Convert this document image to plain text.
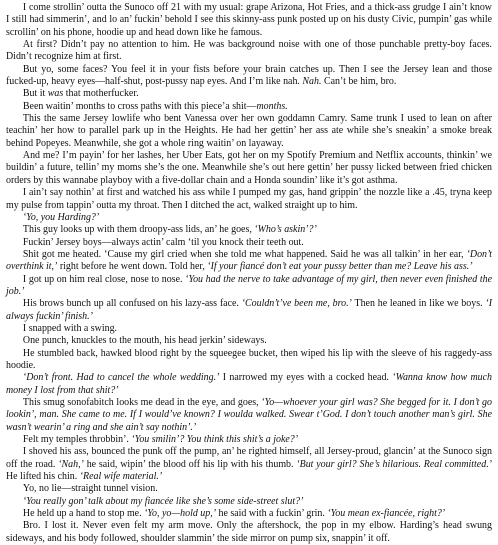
I come strollin’ outta the Sunoco off 21 with my usual: grape Arizona, Hot Fries, and a thick-ass grudge I ain’t know I still had simmerin’, and lo an’ fuckin’ behold I see this skinny-ass punk posted up on his dusty Civic, pumpin’ gas while scrollin’ on his phone, hoodie up and head down like he famous.

At first? Didn’t pay no attention to him. He was background noise with one of those punchable pretty-boy faces. Didn’t recognize him at first.

But yo, some faces? You feel it in your fists before your brain catches up. Then I see the Jersey lean and those fucked-up, heavy eyes—half-shut, post-pussy nap eyes. And I’m like nah. Nah. Can’t be him, bro.

But it was that motherfucker.

Been waitin’ months to cross paths with this piece’a shit—months.

This the same Jersey lowlife who bent Vanessa over her own goddamn Camry. Same trunk I used to lean on after teachin’ her how to parallel park up in the Heights. He had her gettin’ her ass ate while she’s sneakin’ a smoke break behind Popeyes. Meanwhile, she got a whole ring waitin’ on layaway.

And me? I’m payin’ for her lashes, her Uber Eats, got her on my Spotify Premium and Netflix accounts, thinkin’ we buildin’ a future, tellin’ my moms she’s the one. Meanwhile she’s out here gettin’ her pussy licked between fried chicken orders by this wannabe playboy with a five-dollar chain and a Honda soundin’ like it’s got asthma.

I ain’t say nothin’ at first and watched his ass while I pumped my gas, hand grippin’ the nozzle like a .45, tryna keep my pulse from tappin’ outta my throat. Then I ditched the act, walked straight up to him.

‘Yo, you Harding?’

This guy looks up with them droopy-ass lids, an’ he goes, ‘Who’s askin’?’

Fuckin’ Jersey boys—always actin’ calm ‘til you knock their teeth out.

Shit got me heated. ‘Cause my girl cried when she told me what happened. Said he was all talkin’ in her ear, ‘Don’t overthink it,’ right before he went down. Told her, ‘If your fiancé don’t eat your pussy better than me? Leave his ass.’

I got up on him real close, nose to nose. ‘You had the nerve to take advantage of my girl, then never even finished the job.’

His brows bunch up all confused on his lazy-ass face. ‘Couldn’t’ve been me, bro.’ Then he leaned in like we boys. ‘I always fuckin’ finish.’

I snapped with a swing.

One punch, knuckles to the mouth, his head jerkin’ sideways.

He stumbled back, hawked blood right by the squeegee bucket, then wiped his lip with the sleeve of his raggedy-ass hoodie.

‘Don’t front. Had to cancel the whole wedding.’ I narrowed my eyes with a cocked head. ‘Wanna know how much money I lost from that shit?’

This smug sonofabitch looks me dead in the eye, and goes, ‘Yo—whoever your girl was? She begged for it. I don’t go lookin’, man. She came to me. If I would’ve known? I woulda walked. Swear t’God. I don’t touch another man’s girl. She wasn’t wearin’ a ring and she ain’t say nothin’.’

Felt my temples throbbin’. ‘You smilin’? You think this shit’s a joke?’

I shoved his ass, bounced the punk off the pump, an’ he righted himself, all Jersey-proud, glancin’ at the Sunoco sign off the road. ‘Nah,’ he said, wipin’ the blood off his lip with his thumb. ‘But your girl? She’s hilarious. Real committed.’ He lifted his chin. ‘Real wife material.’

Yo, no lie—straight tunnel vision.

‘You really gon’ talk about my fiancée like she’s some side-street slut?’

He held up a hand to stop me. ‘Yo, yo—hold up,’ he said with a fuckin’ grin. ‘You mean ex-fiancée, right?’

Bro. I lost it. Never even felt my arm move. Only the aftershock, the pop in my elbow. Harding’s head swung sideways, and his body followed, shoulder slammin’ the side mirror on pump six, snappin’ it off.
